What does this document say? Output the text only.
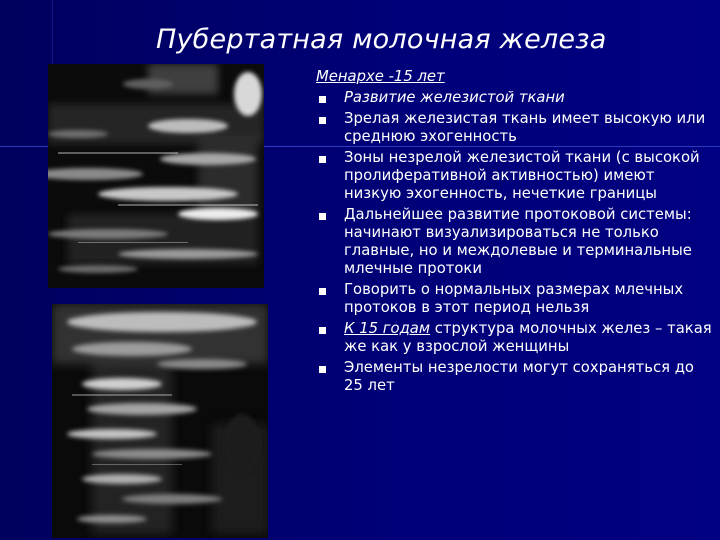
Пубертатная молочная железа
Менархе -15 лет
Развитие железистой ткани
Зрелая железистая ткань имеет высокую или среднюю эхогенность
Зоны незрелой железистой ткани (с высокой пролиферативной активностью) имеют низкую эхогенность, нечеткие границы
Дальнейшее развитие протоковой системы: начинают визуализироваться не только главные, но и междолевые и терминальные млечные протоки
Говорить о нормальных размерах млечных протоков в этот период нельзя
К 15 годам структура молочных желез – такая же как у взрослой женщины
Элементы незрелости могут сохраняться до 25 лет
